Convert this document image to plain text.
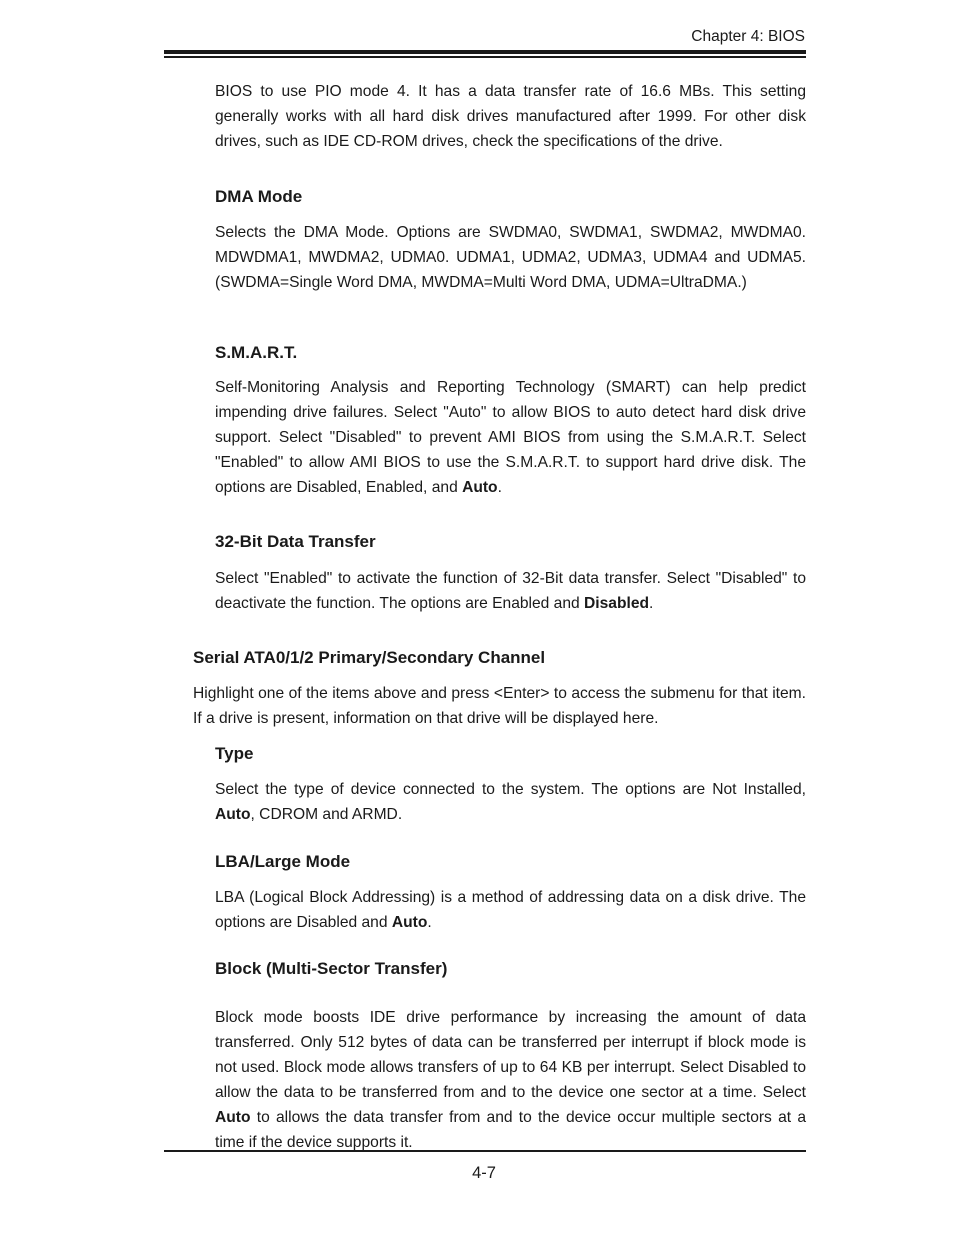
Chapter 4: BIOS

BIOS to use PIO mode 4. It has a data transfer rate of 16.6 MBs. This setting generally works with all hard disk drives manufactured after 1999. For other disk drives, such as IDE CD-ROM drives, check the specifications of the drive.

DMA Mode

Selects the DMA Mode. Options are SWDMA0, SWDMA1, SWDMA2, MWDMA0. MDWDMA1, MWDMA2, UDMA0. UDMA1, UDMA2, UDMA3, UDMA4 and UDMA5. (SWDMA=Single Word DMA, MWDMA=Multi Word DMA, UDMA=UltraDMA.)

S.M.A.R.T.

Self-Monitoring Analysis and Reporting Technology (SMART) can help predict impending drive failures. Select "Auto" to allow BIOS to auto detect hard disk drive support. Select "Disabled" to prevent AMI BIOS from using the S.M.A.R.T. Select "Enabled" to allow AMI BIOS to use the S.M.A.R.T. to support hard drive disk. The options are Disabled, Enabled, and Auto.

32-Bit Data Transfer

Select "Enabled" to activate the function of 32-Bit data transfer. Select "Disabled" to deactivate the function. The options are Enabled and Disabled.

Serial ATA0/1/2 Primary/Secondary Channel

Highlight one of the items above and press <Enter> to access the submenu for that item. If a drive is present, information on that drive will be displayed here.

Type

Select the type of device connected to the system. The options are Not Installed, Auto, CDROM and ARMD.

LBA/Large Mode

LBA (Logical Block Addressing) is a method of addressing data on a disk drive. The options are Disabled and Auto.

Block (Multi-Sector Transfer)

Block mode boosts IDE drive performance by increasing the amount of data transferred. Only 512 bytes of data can be transferred per interrupt if block mode is not used. Block mode allows transfers of up to 64 KB per interrupt. Select Disabled to allow the data to be transferred from and to the device one sector at a time. Select Auto to allows the data transfer from and to the device occur multiple sectors at a time if the device supports it.

4-7
